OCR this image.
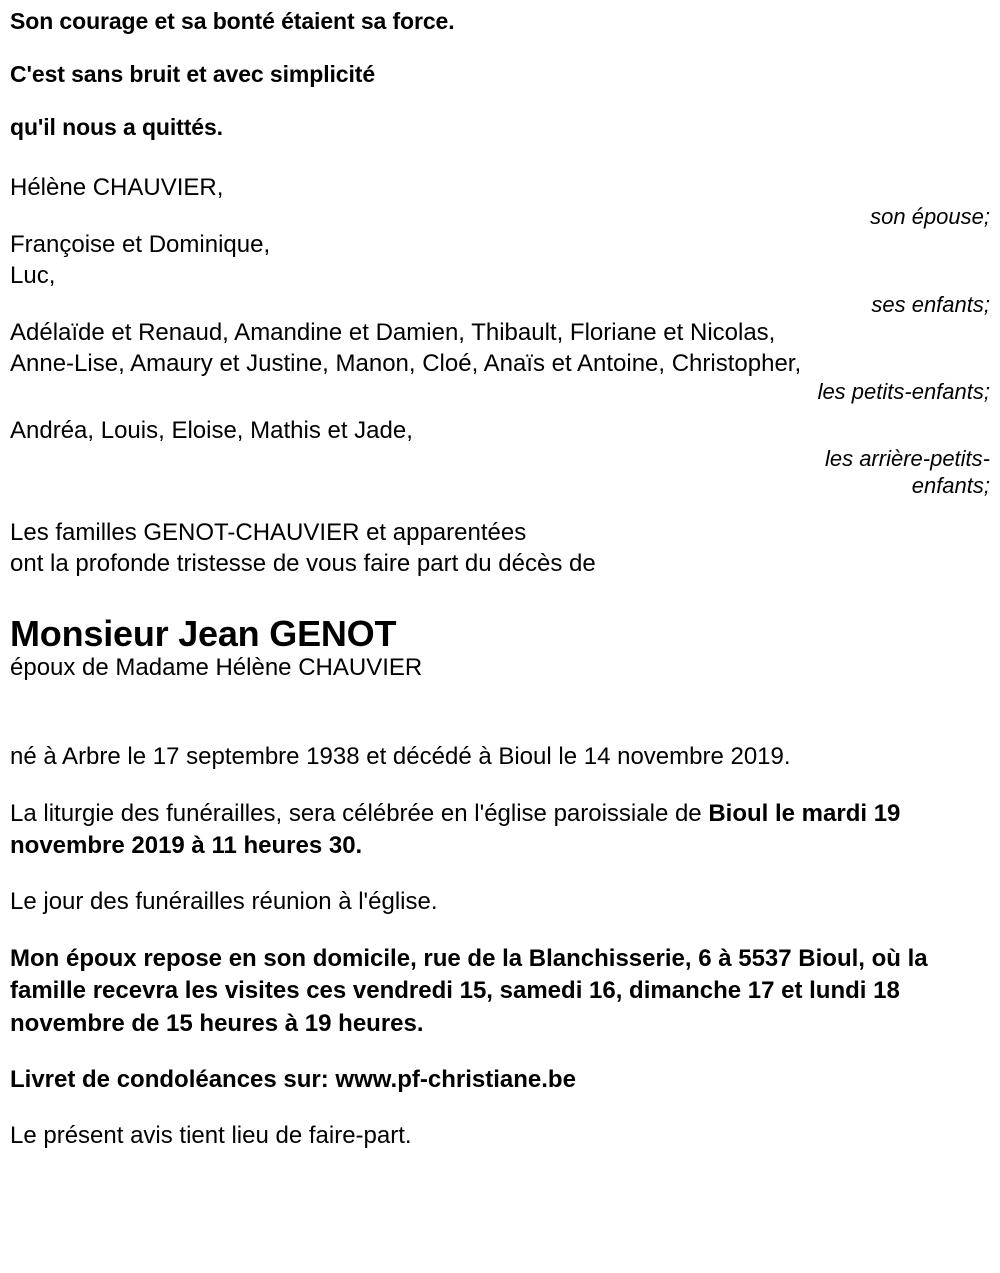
Son courage et sa bonté étaient sa force.
C'est sans bruit et avec simplicité
qu'il nous a quittés.
Hélène CHAUVIER,
son épouse;
Françoise et Dominique,
Luc,
ses enfants;
Adélaïde et Renaud, Amandine et Damien, Thibault, Floriane et Nicolas,
Anne-Lise, Amaury et Justine, Manon, Cloé, Anaïs et Antoine, Christopher,
les petits-enfants;
Andréa, Louis, Eloise, Mathis et Jade,
les arrière-petits-
enfants;
Les familles GENOT-CHAUVIER et apparentées
ont la profonde tristesse de vous faire part du décès de
Monsieur Jean GENOT
époux de Madame Hélène CHAUVIER

né à Arbre le 17 septembre 1938 et décédé à Bioul le 14 novembre 2019.

La liturgie des funérailles, sera célébrée en l'église paroissiale de Bioul le mardi 19 novembre 2019 à 11 heures 30.

Le jour des funérailles réunion à l'église.

Mon époux repose en son domicile, rue de la Blanchisserie, 6 à 5537 Bioul, où la famille recevra les visites ces vendredi 15, samedi 16, dimanche 17 et lundi 18 novembre de 15 heures à 19 heures.

Livret de condoléances sur: www.pf-christiane.be

Le présent avis tient lieu de faire-part.
